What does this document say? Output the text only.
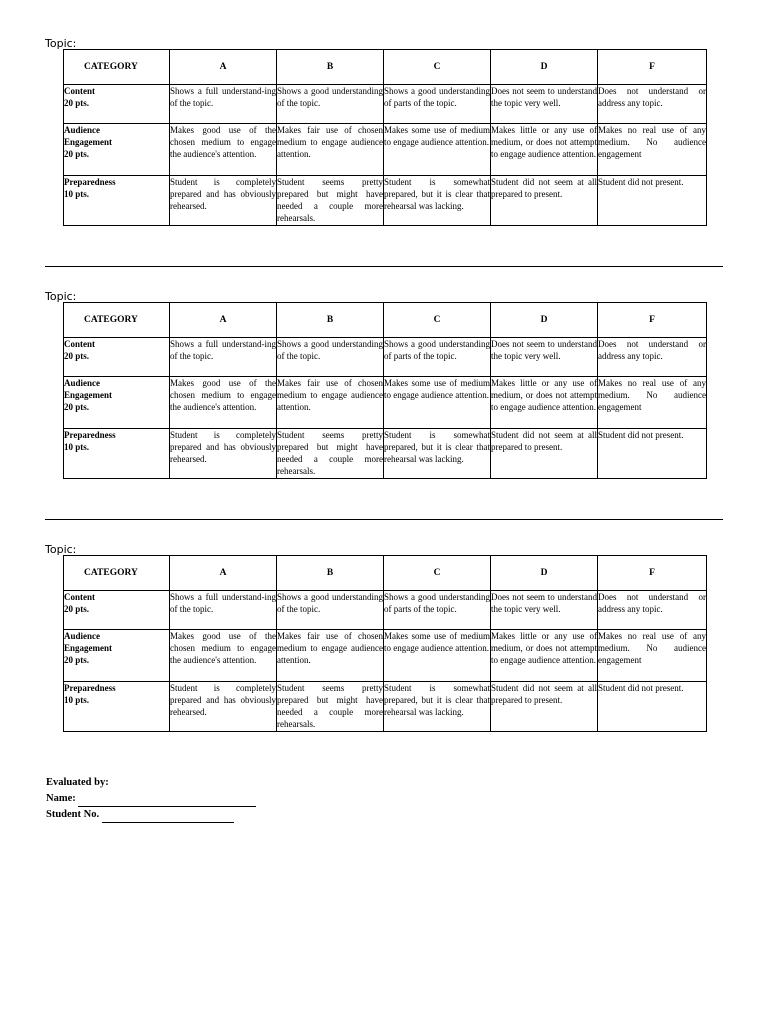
Topic:
CATEGORY	A	B	C	D	F
Content
20 pts.	Shows a full understand-ing of the topic.	Shows a good understanding of the topic.	Shows a good understanding of parts of the topic.	Does not seem to understand the topic very well.	Does not understand or address any topic.
Audience
Engagement
20 pts.	Makes good use of the chosen medium to engage the audience's attention.	Makes fair use of chosen medium to engage audience attention.	Makes some use of medium to engage audience attention.	Makes little or any use of medium, or does not attempt to engage audience attention.	Makes no real use of any medium. No audience engagement
Preparedness
10 pts.	Student is completely prepared and has obviously rehearsed.	Student seems pretty prepared but might have needed a couple more rehearsals.	Student is somewhat prepared, but it is clear that rehearsal was lacking.	Student did not seem at all prepared to present.	Student did not present.
Topic:
CATEGORY	A	B	C	D	F
Content
20 pts.	Shows a full understand-ing of the topic.	Shows a good understanding of the topic.	Shows a good understanding of parts of the topic.	Does not seem to understand the topic very well.	Does not understand or address any topic.
Audience
Engagement
20 pts.	Makes good use of the chosen medium to engage the audience's attention.	Makes fair use of chosen medium to engage audience attention.	Makes some use of medium to engage audience attention.	Makes little or any use of medium, or does not attempt to engage audience attention.	Makes no real use of any medium. No audience engagement
Preparedness
10 pts.	Student is completely prepared and has obviously rehearsed.	Student seems pretty prepared but might have needed a couple more rehearsals.	Student is somewhat prepared, but it is clear that rehearsal was lacking.	Student did not seem at all prepared to present.	Student did not present.
Topic:
CATEGORY	A	B	C	D	F
Content
20 pts.	Shows a full understand-ing of the topic.	Shows a good understanding of the topic.	Shows a good understanding of parts of the topic.	Does not seem to understand the topic very well.	Does not understand or address any topic.
Audience
Engagement
20 pts.	Makes good use of the chosen medium to engage the audience's attention.	Makes fair use of chosen medium to engage audience attention.	Makes some use of medium to engage audience attention.	Makes little or any use of medium, or does not attempt to engage audience attention.	Makes no real use of any medium. No audience engagement
Preparedness
10 pts.	Student is completely prepared and has obviously rehearsed.	Student seems pretty prepared but might have needed a couple more rehearsals.	Student is somewhat prepared, but it is clear that rehearsal was lacking.	Student did not seem at all prepared to present.	Student did not present.
Evaluated by:
Name:
Student No.
